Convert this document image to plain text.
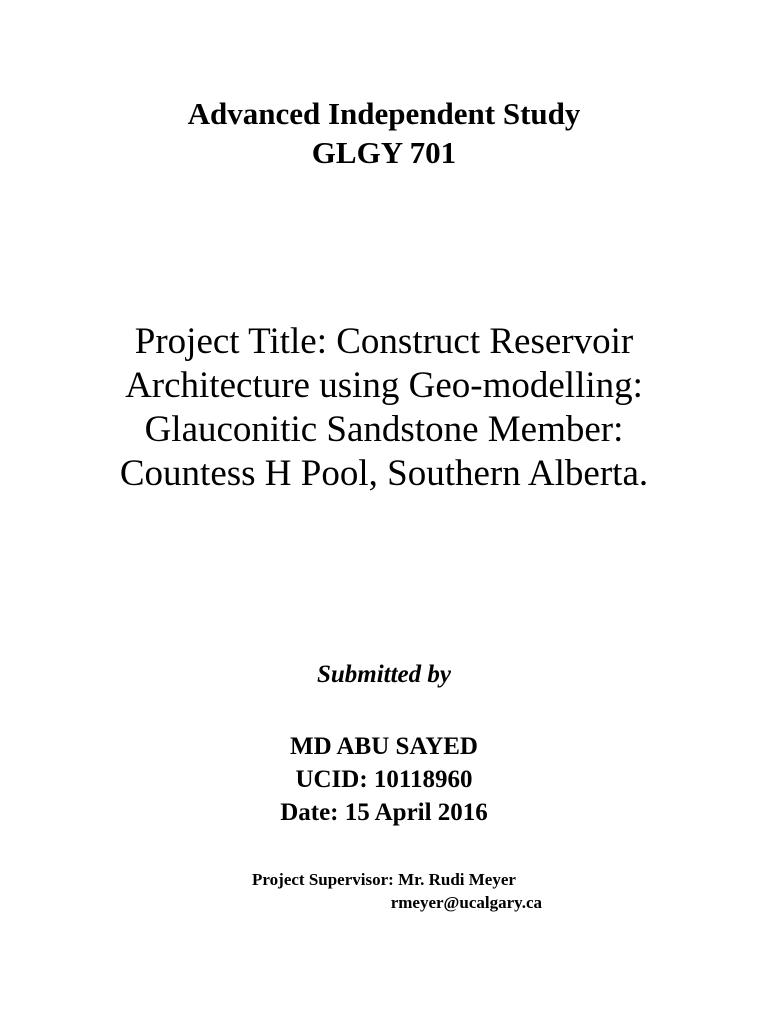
Advanced Independent Study
GLGY 701
Project Title: Construct Reservoir
Architecture using Geo-modelling:
Glauconitic Sandstone Member:
Countess H Pool, Southern Alberta.
Submitted by
MD ABU SAYED
UCID: 10118960
Date: 15 April 2016
Project Supervisor: Mr. Rudi Meyer
rmeyer@ucalgary.ca
